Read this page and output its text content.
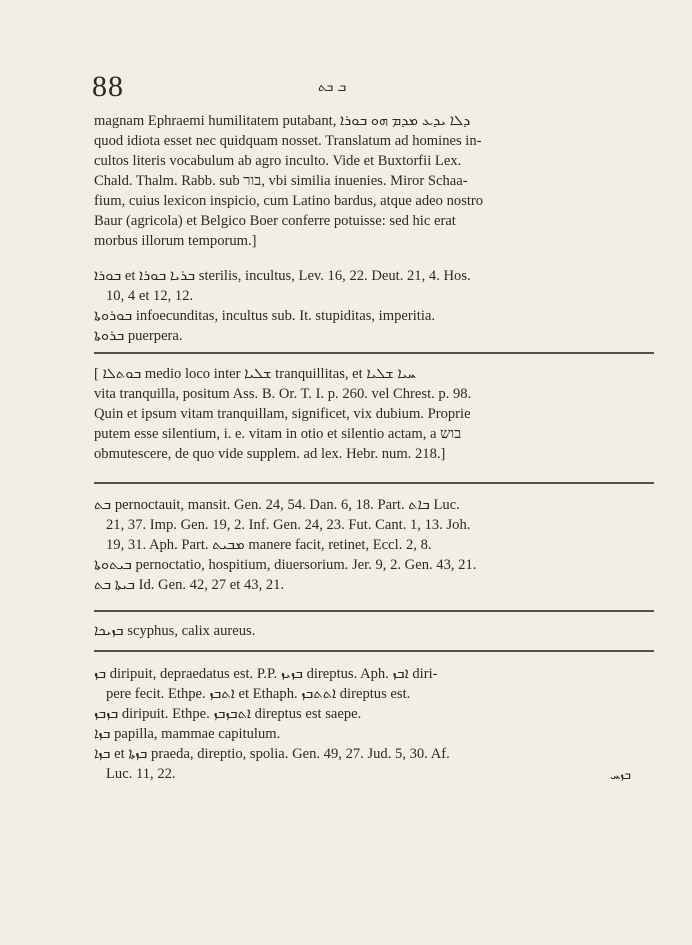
88	ܒ ܒܬ
magnam Ephraemi humilitatem putabant, ܕܠܐ ܝܕܥ ܡܕܡ ܗܘ ܒܘܪܐ
quod idiota esset nec quidquam nosset. Translatum ad homines in-
cultos literis vocabulum ab agro inculto. Vide et Buxtorfii Lex.
Chald. Thalm. Rabb. sub בור, vbi similia inuenies. Miror Schaa-
fium, cuius lexicon inspicio, cum Latino bardus, atque adeo nostro
Baur (agricola) et Belgico Boer conferre potuisse: sed hic erat
morbus illorum temporum.]
ܒܘܪܐ et ܒܪܝܐ ܒܘܪܐ sterilis, incultus, Lev. 16, 22. Deut. 21, 4. Hos.
10, 4 et 12, 12.
ܒܘܪܘܬܐ infoecunditas, incultus sub. It. stupiditas, imperitia.
ܒܪܘܬܐ puerpera.
[ ܒܘܬܠܐ medio loco inter ܫܠܝܐ tranquillitas, et ܚܝܐ ܫܠܝܐ
vita tranquilla, positum Ass. B. Or. T. I. p. 260. vel Chrest. p. 98.
Quin et ipsum vitam tranquillam, significet, vix dubium. Proprie
putem esse silentium, i. e. vitam in otio et silentio actam, a בוש
obmutescere, de quo vide supplem. ad lex. Hebr. num. 218.]
ܒܬ pernoctauit, mansit. Gen. 24, 54. Dan. 6, 18. Part. ܒܐܬ Luc.
21, 37. Imp. Gen. 19, 2. Inf. Gen. 24, 23. Fut. Cant. 1, 13. Joh.
19, 31. Aph. Part. ܡܒܝܬ manere facit, retinet, Eccl. 2, 8.
ܒܝܬܘܬܐ pernoctatio, hospitium, diuersorium. Jer. 9, 2. Gen. 43, 21.
ܒܝܬܐ ܒܬ Id. Gen. 42, 27 et 43, 21.
ܒܙܝܟܐ scyphus, calix aureus.
ܒܙ diripuit, depraedatus est. P.P. ܒܙܝܙ direptus. Aph. ܐܒܙ diri-
pere fecit. Ethpe. ܐܬܒܙ et Ethaph. ܐܬܬܒܙ direptus est.
ܒܙܒܙ diripuit. Ethpe. ܐܬܒܙܒܙ direptus est saepe.
ܒܙܐ papilla, mammae capitulum.
ܒܙܐ et ܒܙܬܐ praeda, direptio, spolia. Gen. 49, 27. Jud. 5, 30. Af.
Luc. 11, 22.	ܒܙܚ
